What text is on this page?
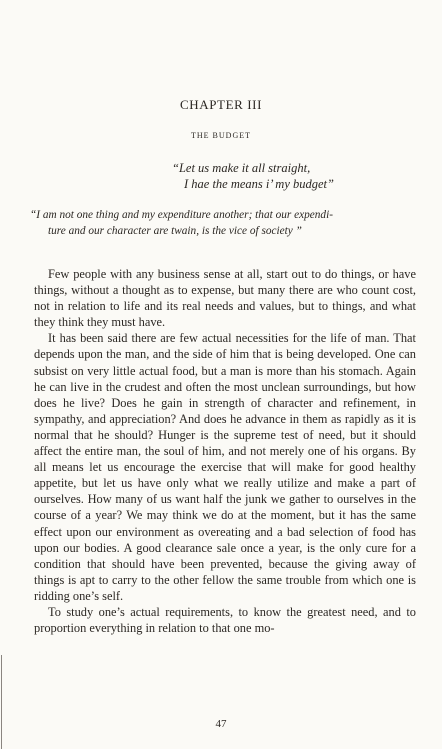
CHAPTER III
THE BUDGET
“Let us make it all straight,
I hae the means i’ my budget”
“I am not one thing and my expenditure another; that our expendi-
ture and our character are twain, is the vice of society ”

Few people with any business sense at all, start out to do things, or have things, without a thought as to expense, but many there are who count cost, not in relation to life and its real needs and values, but to things, and what they think they must have.

It has been said there are few actual necessities for the life of man. That depends upon the man, and the side of him that is being developed. One can subsist on very little actual food, but a man is more than his stomach. Again he can live in the crudest and often the most unclean surroundings, but how does he live? Does he gain in strength of character and refinement, in sympathy, and appreciation? And does he advance in them as rapidly as it is normal that he should? Hunger is the supreme test of need, but it should affect the entire man, the soul of him, and not merely one of his organs. By all means let us encourage the exercise that will make for good healthy appetite, but let us have only what we really utilize and make a part of ourselves. How many of us want half the junk we gather to ourselves in the course of a year? We may think we do at the moment, but it has the same effect upon our environment as overeating and a bad selection of food has upon our bodies. A good clearance sale once a year, is the only cure for a condition that should have been prevented, because the giving away of things is apt to carry to the other fellow the same trouble from which one is ridding one’s self.

To study one’s actual requirements, to know the greatest need, and to proportion everything in relation to that one mo-

47
